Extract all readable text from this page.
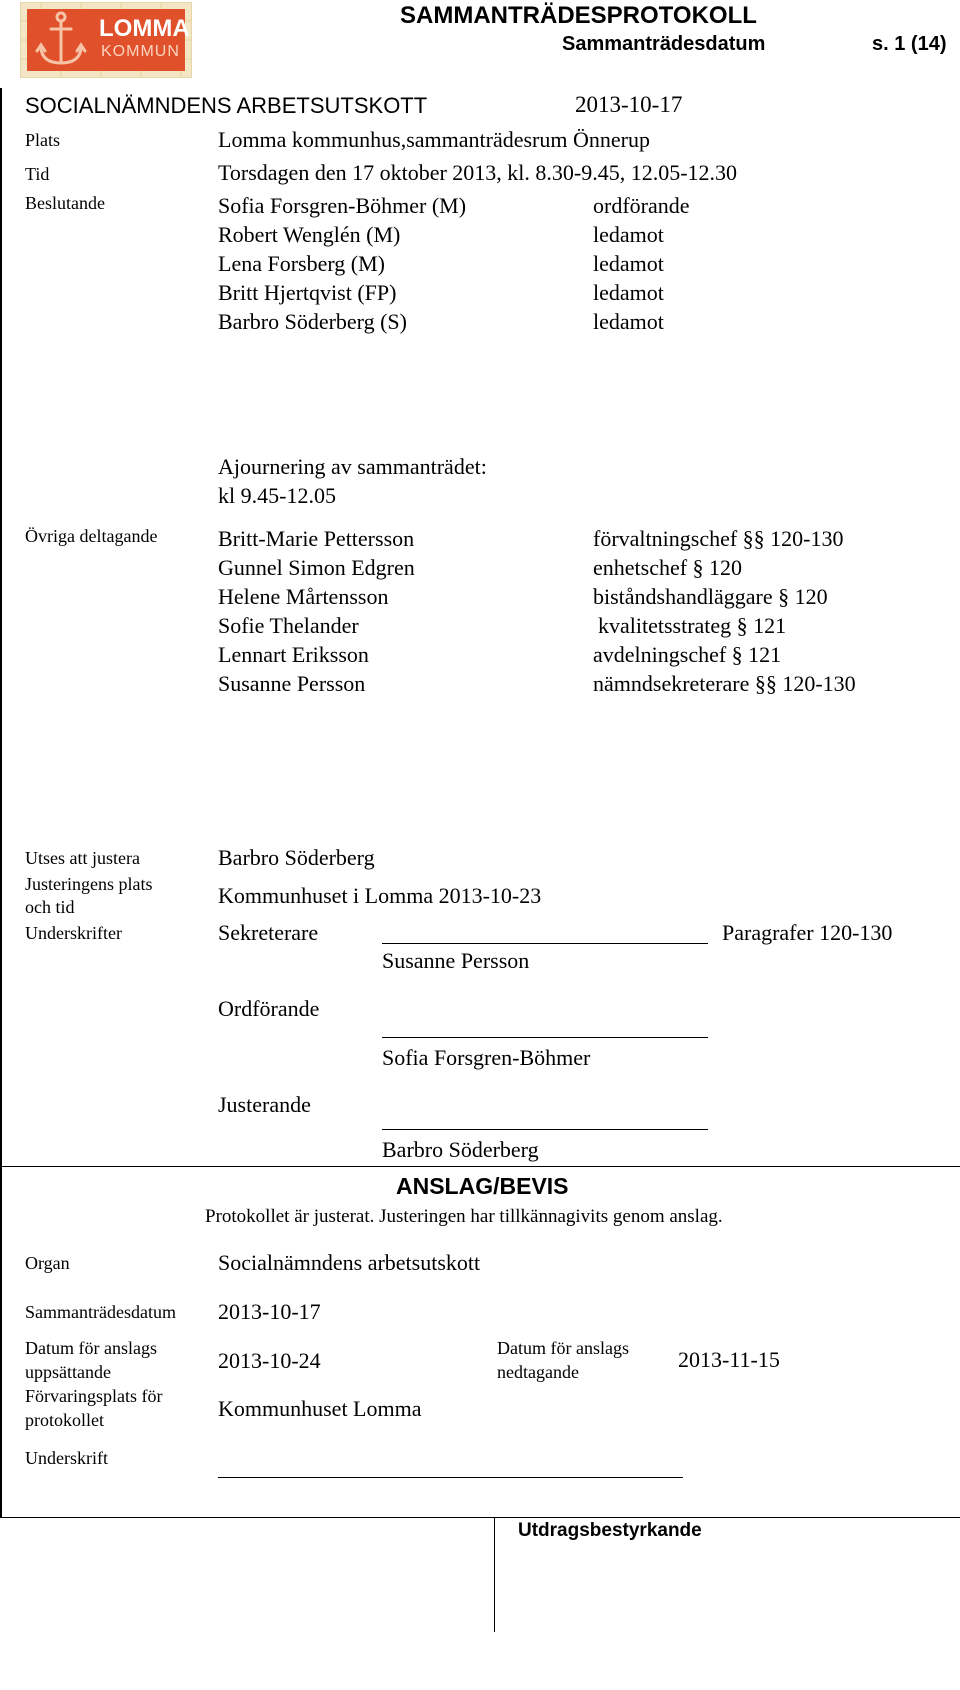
LOMMA
KOMMUN
SAMMANTRÄDESPROTOKOLL
Sammanträdesdatum	s. 1 (14)
SOCIALNÄMNDENS ARBETSUTSKOTT	2013-10-17
Plats	Lomma kommunhus,sammanträdesrum Önnerup
Tid	Torsdagen den 17 oktober 2013, kl. 8.30-9.45, 12.05-12.30
Beslutande	Sofia Forsgren-Böhmer (M)	ordförande
Robert Wenglén (M)	ledamot
Lena Forsberg (M)	ledamot
Britt Hjertqvist (FP)	ledamot
Barbro Söderberg (S)	ledamot
Ajournering av sammanträdet:
kl 9.45-12.05
Övriga deltagande	Britt-Marie Pettersson	förvaltningschef §§ 120-130
Gunnel Simon Edgren	enhetschef § 120
Helene Mårtensson	biståndshandläggare § 120
Sofie Thelander	kvalitetsstrateg § 121
Lennart Eriksson	avdelningschef § 121
Susanne Persson	nämndsekreterare §§ 120-130
Utses att justera	Barbro Söderberg
Justeringens plats
och tid	Kommunhuset i Lomma 2013-10-23
Underskrifter	Sekreterare	Paragrafer 120-130
Susanne Persson
Ordförande
Sofia Forsgren-Böhmer
Justerande
Barbro Söderberg
ANSLAG/BEVIS
Protokollet är justerat. Justeringen har tillkännagivits genom anslag.
Organ	Socialnämndens arbetsutskott
Sammanträdesdatum 2013-10-17
Datum för anslags
uppsättande	2013-10-24	Datum för anslags
nedtagande	2013-11-15
Förvaringsplats för
protokollet	Kommunhuset Lomma
Underskrift
Utdragsbestyrkande
